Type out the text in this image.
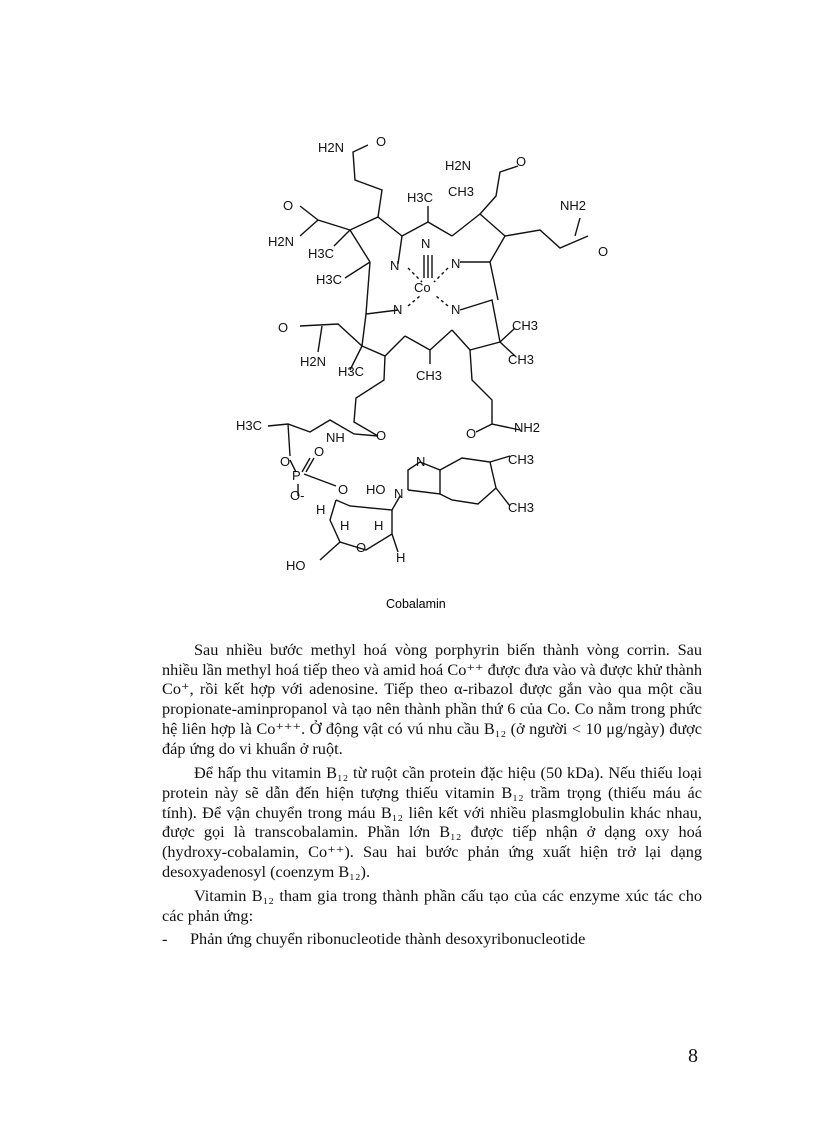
H2N O
H2N	O
H3C CH3
NH2
O
H2N
H3C
N
O
N	N
H3C
Co
N	N
CH3
O
H2N	CH3
H3C	CH3
H3C
NH O	O	NH2
O
N	CH3
O
P
HO N
O
O-
CH3
H
H H
O
H
HO
Cobalamin

Sau nhiều bước methyl hoá vòng porphyrin biến thành vòng corrin. Sau nhiều lần methyl hoá tiếp theo và amid hoá Co⁺⁺ được đưa vào và được khử thành Co⁺, rồi kết hợp với adenosine. Tiếp theo α-ribazol được gắn vào qua một cầu propionate-aminpropanol và tạo nên thành phần thứ 6 của Co. Co nằm trong phức hệ liên hợp là Co⁺⁺⁺. Ở động vật có vú nhu cầu B₁₂ (ở người < 10 μg/ngày) được đáp ứng do vi khuẩn ở ruột.

Để hấp thu vitamin B₁₂ từ ruột cần protein đặc hiệu (50 kDa). Nếu thiếu loại protein này sẽ dẫn đến hiện tượng thiếu vitamin B₁₂ trầm trọng (thiếu máu ác tính). Để vận chuyển trong máu B₁₂ liên kết với nhiều plasmglobulin khác nhau, được gọi là transcobalamin. Phần lớn B₁₂ được tiếp nhận ở dạng oxy hoá (hydroxy-cobalamin, Co⁺⁺). Sau hai bước phản ứng xuất hiện trở lại dạng desoxyadenosyl (coenzym B₁₂).

Vitamin B₁₂ tham gia trong thành phần cấu tạo của các enzyme xúc tác cho các phản ứng:

-	Phản ứng chuyển ribonucleotide thành desoxyribonucleotide
8
